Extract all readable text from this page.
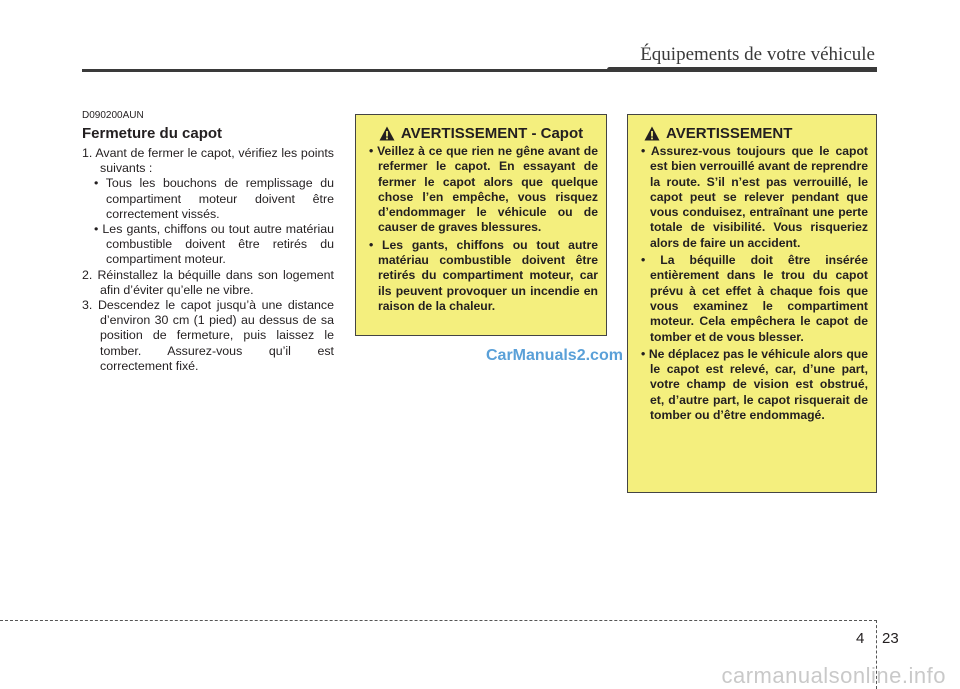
Équipements de votre véhicule
D090200AUN
Fermeture du capot

1. Avant de fermer le capot, vérifiez les points suivants :

• Tous les bouchons de remplissage du compartiment moteur doivent être correctement vissés.

• Les gants, chiffons ou tout autre matériau combustible doivent être retirés du compartiment moteur.

2. Réinstallez la béquille dans son logement afin d’éviter qu’elle ne vibre.

3. Descendez le capot jusqu’à une distance d’environ 30 cm (1 pied) au dessus de sa position de fermeture, puis laissez le tomber. Assurez-vous qu’il est correctement fixé.

AVERTISSEMENT - Capot
• Veillez à ce que rien ne gêne avant de refermer le capot. En essayant de fermer le capot alors que quelque chose l’en empêche, vous risquez d’endommager le véhicule ou de causer de graves blessures.
• Les gants, chiffons ou tout autre matériau combustible doivent être retirés du compartiment moteur, car ils peuvent provoquer un incendie en raison de la chaleur.
AVERTISSEMENT
• Assurez-vous toujours que le capot est bien verrouillé avant de reprendre la route. S’il n’est pas verrouillé, le capot peut se relever pendant que vous conduisez, entraînant une perte totale de visibilité. Vous risqueriez alors de faire un accident.
• La béquille doit être insérée entièrement dans le trou du capot prévu à cet effet à chaque fois que vous examinez le compartiment moteur. Cela empêchera le capot de tomber et de vous blesser.
• Ne déplacez pas le véhicule alors que le capot est relevé, car, d’une part, votre champ de vision est obstrué, et, d’autre part, le capot risquerait de tomber ou d’être endommagé.
CarManuals2.com
4 23
carmanualsonline.info
